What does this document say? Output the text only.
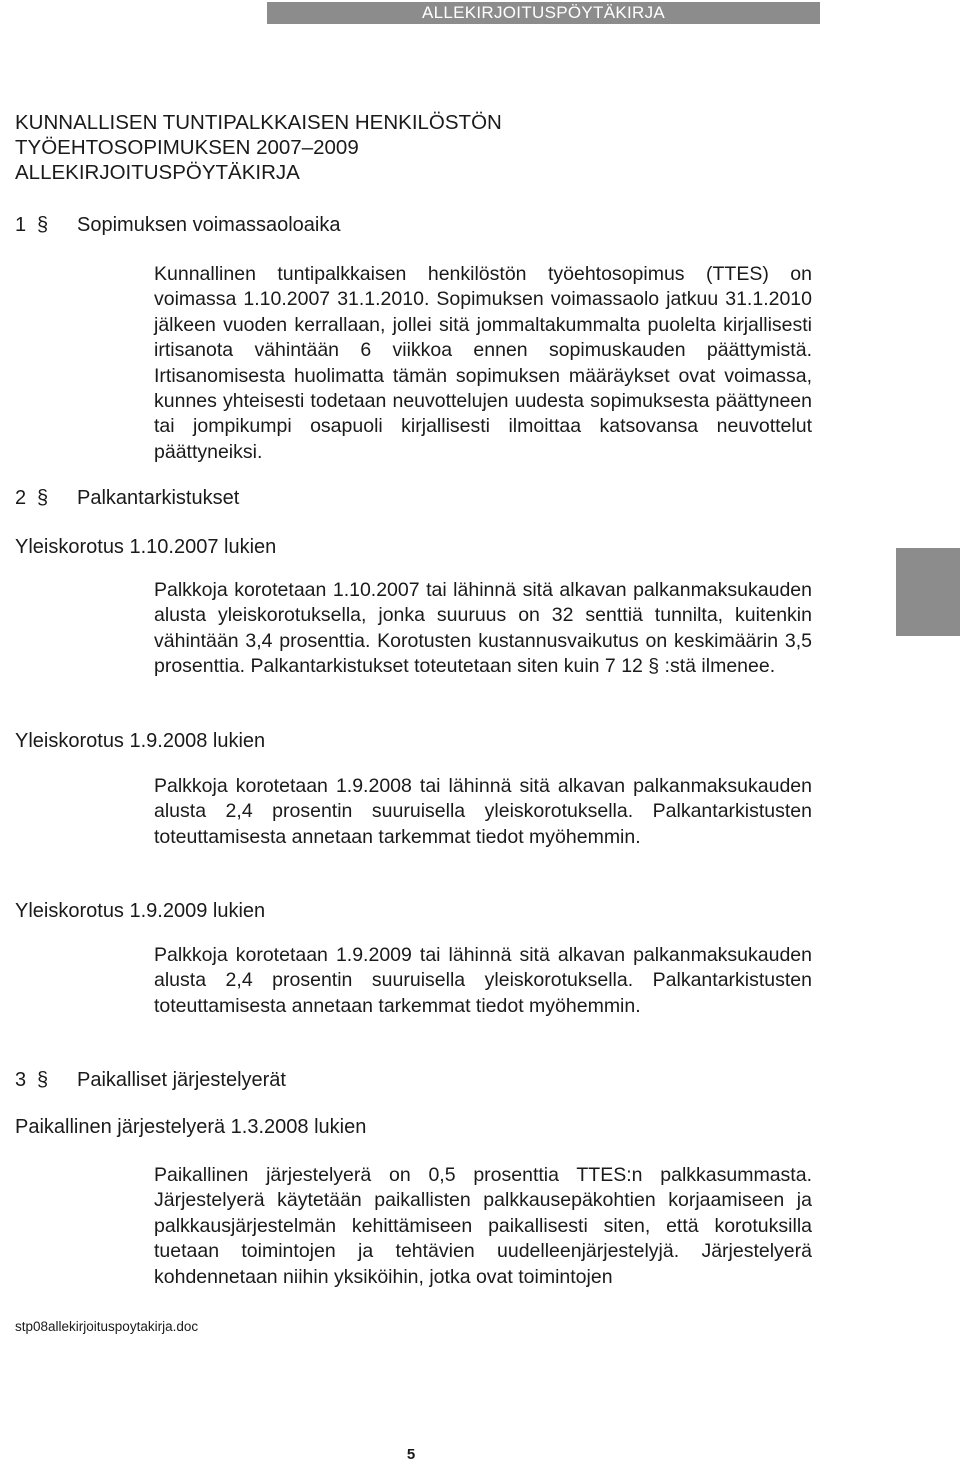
ALLEKIRJOITUSPÖYTÄKIRJA
KUNNALLISEN TUNTIPALKKAISEN HENKILÖSTÖN
TYÖEHTOSOPIMUKSEN 2007–2009
ALLEKIRJOITUSPÖYTÄKIRJA
1 § Sopimuksen voimassaoloaika
Kunnallinen tuntipalkkaisen henkilöstön työehtosopimus (TTES) on voimassa 1.10.2007 31.1.2010. Sopimuksen voimassaolo jatkuu 31.1.2010 jälkeen vuoden kerrallaan, jollei sitä jommaltakummalta puolelta kirjallisesti irtisanota vähintään 6 viikkoa ennen sopimuskauden päättymistä. Irtisanomisesta huolimatta tämän sopimuksen määräykset ovat voimassa, kunnes yhteisesti todetaan neuvottelujen uudesta sopimuksesta päättyneen tai jompikumpi osapuoli kirjallisesti ilmoittaa katsovansa neuvottelut päättyneiksi.
2 § Palkantarkistukset
Yleiskorotus 1.10.2007 lukien
Palkkoja korotetaan 1.10.2007 tai lähinnä sitä alkavan palkanmaksukauden alusta yleiskorotuksella, jonka suuruus on 32 senttiä tunnilta, kuitenkin vähintään 3,4 prosenttia. Korotusten kustannusvaikutus on keskimäärin 3,5 prosenttia. Palkantarkistukset toteutetaan siten kuin 7 12 § :stä ilmenee.
Yleiskorotus 1.9.2008 lukien
Palkkoja korotetaan 1.9.2008 tai lähinnä sitä alkavan palkanmaksukauden alusta 2,4 prosentin suuruisella yleiskorotuksella. Palkantarkistusten toteuttamisesta annetaan tarkemmat tiedot myöhemmin.
Yleiskorotus 1.9.2009 lukien
Palkkoja korotetaan 1.9.2009 tai lähinnä sitä alkavan palkanmaksukauden alusta 2,4 prosentin suuruisella yleiskorotuksella. Palkantarkistusten toteuttamisesta annetaan tarkemmat tiedot myöhemmin.
3 § Paikalliset järjestelyerät
Paikallinen järjestelyerä 1.3.2008 lukien
Paikallinen järjestelyerä on 0,5 prosenttia TTES:n palkkasummasta. Järjestelyerä käytetään paikallisten palkkausepäkohtien korjaamiseen ja palkkausjärjestelmän kehittämiseen paikallisesti siten, että korotuksilla tuetaan toimintojen ja tehtävien uudelleenjärjestelyjä. Järjestelyerä kohdennetaan niihin yksiköihin, jotka ovat toimintojen
stp08allekirjoituspoytakirja.doc
5
